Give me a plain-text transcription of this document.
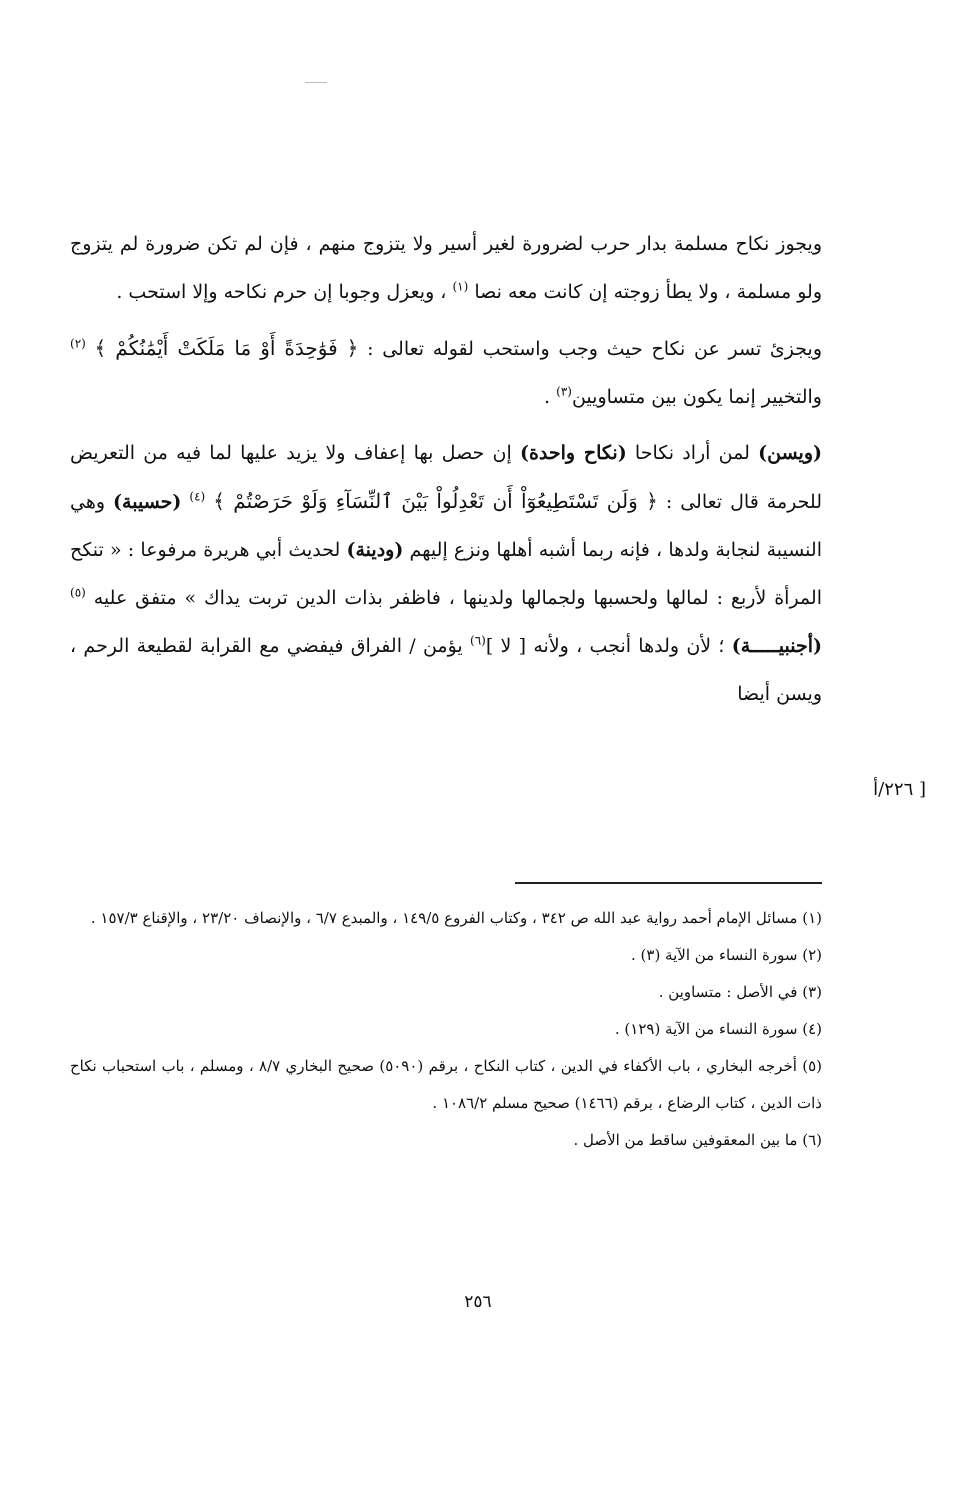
ويجوز نكاح مسلمة بدار حرب لضرورة لغير أسير ولا يتزوج منهم ، فإن لم تكن ضرورة لم يتزوج ولو مسلمة ، ولا يطأ زوجته إن كانت معه نصا $^{(١)}$ ، ويعزل وجوبا إن حرم نكاحه وإلا استحب .

ويجزئ تسر عن نكاح حيث وجب واستحب لقوله تعالى : ﴿ فَوَٰحِدَةً أَوْ مَا مَلَكَتْ أَيْمَٰنُكُمْ ﴾ $^{(٢)}$ والتخيير إنما يكون بين متساويين$^{(٣)}$ .

(ويسن) لمن أراد نكاحا (نكاح واحدة) إن حصل بها إعفاف ولا يزيد عليها لما فيه من التعريض للحرمة قال تعالى : ﴿ وَلَن تَسْتَطِيعُوٓاْ أَن تَعْدِلُواْ بَيْنَ ٱلنِّسَآءِ وَلَوْ حَرَصْتُمْ ﴾ $^{(٤)}$ (حسيبة) وهي النسيبة لنجابة ولدها ، فإنه ربما أشبه أهلها ونزع إليهم (ودينة) لحديث أبي هريرة مرفوعا : « تنكح المرأة لأربع : لمالها ولحسبها ولجمالها ولدينها ، فاظفر بذات الدين تربت يداك » متفق عليه $^{(٥)}$ (أجنبيـــــة) ؛ لأن ولدها أنجب ، ولأنه [ لا ]$^{(٦)}$ يؤمن / الفراق فيفضي مع القرابة لقطيعة الرحم ، ويسن أيضا

[ ٢٢٦/أ

(١) مسائل الإمام أحمد رواية عبد الله ص ٣٤٢ ، وكتاب الفروع ١٤٩/٥ ، والمبدع ٦/٧ ، والإنصاف ٢٣/٢٠ ، والإقناع ١٥٧/٣ .

(٢) سورة النساء من الآية (٣) .

(٣) في الأصل : متساوين .

(٤) سورة النساء من الآية (١٢٩) .

(٥) أخرجه البخاري ، باب الأكفاء في الدين ، كتاب النكاح ، برقم (٥٠٩٠) صحيح البخاري ٨/٧ ، ومسلم ، باب استحباب نكاح ذات الدين ، كتاب الرضاع ، برقم (١٤٦٦) صحيح مسلم ١٠٨٦/٢ .

(٦) ما بين المعقوفين ساقط من الأصل .

٢٥٦
